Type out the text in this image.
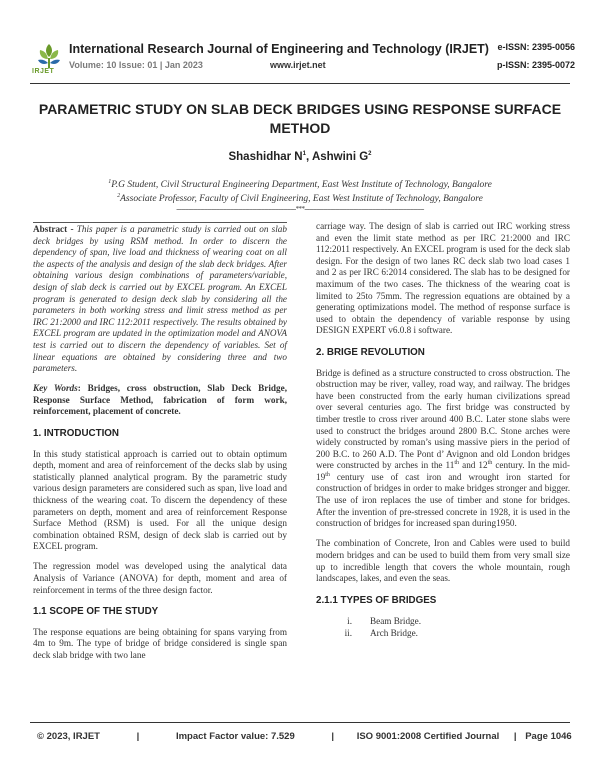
IRJET
International Research Journal of Engineering and Technology (IRJET)
Volume: 10 Issue: 01 | Jan 2023	www.irjet.net
e-ISSN: 2395-0056
p-ISSN: 2395-0072
PARAMETRIC STUDY ON SLAB DECK BRIDGES USING RESPONSE SURFACE METHOD
Shashidhar $N^1$, Ashwini $G^2$
$^1$P.G Student, Civil Structural Engineering Department, East West Institute of Technology, Bangalore
$^2$Associate Professor, Faculty of Civil Engineering, East West Institute of Technology, Bangalore
---------------------------------------------------------------------***---------------------------------------------------------------------

Abstract - This paper is a parametric study is carried out on slab deck bridges by using RSM method. In order to discern the dependency of span, live load and thickness of wearing coat on all the aspects of the analysis and design of the slab deck bridges. After obtaining various design combinations of parameters/variable, design of slab deck is carried out by EXCEL program. An EXCEL program is generated to design deck slab by considering all the parameters in both working stress and limit stress method as per IRC 21:2000 and IRC 112:2011 respectively. The results obtained by EXCEL program are updated in the optimization model and ANOVA test is carried out to discern the dependency of variables. Set of linear equations are obtained by considering three and two parameters.

Key Words: Bridges, cross obstruction, Slab Deck Bridge, Response Surface Method, fabrication of form work, reinforcement, placement of concrete.

1. INTRODUCTION

In this study statistical approach is carried out to obtain optimum depth, moment and area of reinforcement of the decks slab by using statistically planned analytical program. By the parametric study various design parameters are considered such as span, live load and thickness of the wearing coat. To discern the dependency of these parameters on depth, moment and area of reinforcement Response Surface Method (RSM) is used. For all the unique design combination obtained RSM, design of deck slab is carried out by EXCEL program.

The regression model was developed using the analytical data Analysis of Variance (ANOVA) for depth, moment and area of reinforcement in terms of the three design factor.

1.1 SCOPE OF THE STUDY

The response equations are being obtaining for spans varying from 4m to 9m. The type of bridge of bridge considered is single span deck slab bridge with two lane

carriage way. The design of slab is carried out IRC working stress and even the limit state method as per IRC 21:2000 and IRC 112:2011 respectively. An EXCEL program is used for the deck slab design. For the design of two lanes RC deck slab two load cases 1 and 2 as per IRC 6:2014 considered. The slab has to be designed for maximum of the two cases. The thickness of the wearing coat is limited to 25to 75mm. The regression equations are obtained by a generating optimizations model. The method of response surface is used to obtain the dependency of variable response by using DESIGN EXPERT v6.0.8 i software.

2. BRIGE REVOLUTION

Bridge is defined as a structure constructed to cross obstruction. The obstruction may be river, valley, road way, and railway. The bridges have been constructed from the early human civilizations spread over several centuries ago. The first bridge was constructed by timber trestle to cross river around 400 B.C. Later stone slabs were used to construct the bridges around 2800 B.C. Stone arches were widely constructed by roman’s using massive piers in the period of 200 B.C. to 260 A.D. The Pont d’ Avignon and old London bridges were constructed by arches in the 11th and 12th century. In the mid-19th century use of cast iron and wrought iron started for construction of bridges in order to make bridges stronger and bigger. The use of iron replaces the use of timber and stone for bridges. After the invention of pre-stressed concrete in 1928, it is used in the construction of bridges for increased span during1950.

The combination of Concrete, Iron and Cables were used to build modern bridges and can be used to build them from very small size up to incredible length that covers the whole mountain, rough landscapes, lakes, and even the seas.

2.1.1 TYPES OF BRIDGES
i. Beam Bridge.
ii. Arch Bridge.
© 2023, IRJET	|	Impact Factor value: 7.529	| ISO 9001:2008 Certified Journal | Page 1046
